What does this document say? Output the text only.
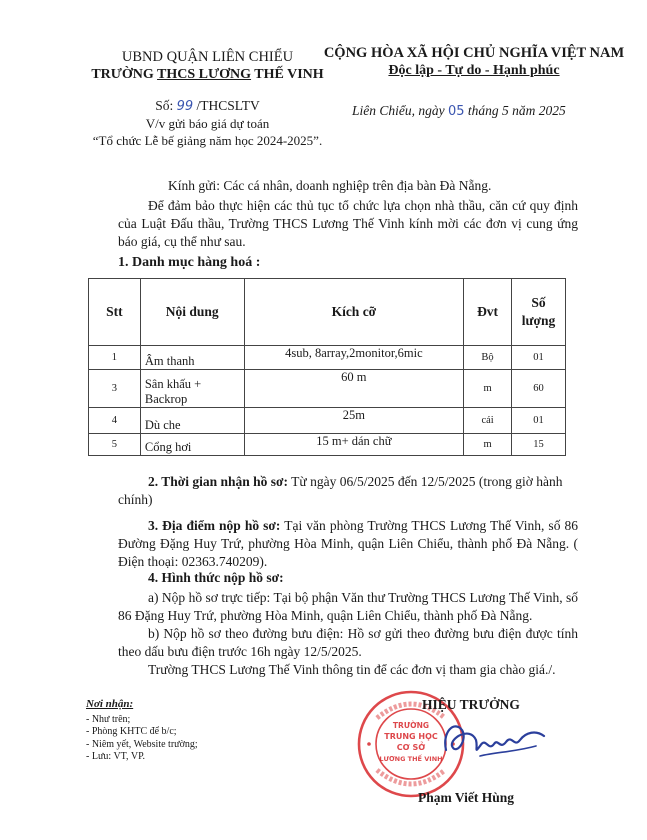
UBND QUẬN LIÊN CHIỂU
TRƯỜNG THCS LƯƠNG THẾ VINH
CỘNG HÒA XÃ HỘI CHỦ NGHĨA VIỆT NAM
Độc lập - Tự do - Hạnh phúc
Số: 99 /THCSLTV
V/v gửi báo giá dự toán
“Tổ chức Lễ bế giảng năm học 2024-2025”.
Liên Chiểu, ngày 05 tháng 5 năm 2025
Kính gửi: Các cá nhân, doanh nghiệp trên địa bàn Đà Nẵng.
Để đảm bảo thực hiện các thủ tục tổ chức lựa chọn nhà thầu, căn cứ quy định của Luật Đấu thầu, Trường THCS Lương Thế Vinh kính mời các đơn vị cung ứng báo giá, cụ thể như sau.
1. Danh mục hàng hoá :
Stt	Nội dung	Kích cỡ	Đvt	Số lượng
1	Âm thanh	4sub, 8array,2monitor,6mic	Bộ	01
3	Sân khấu + Backrop	60 m	m	60
4	Dù che	25m	cái	01
5	Cổng hơi	15 m+ dán chữ	m	15
2. Thời gian nhận hồ sơ: Từ ngày 06/5/2025 đến 12/5/2025 (trong giờ hành chính)
3. Địa điểm nộp hồ sơ: Tại văn phòng Trường THCS Lương Thế Vinh, số 86 Đường Đặng Huy Trứ, phường Hòa Minh, quận Liên Chiểu, thành phố Đà Nẵng. ( Điện thoại: 02363.740209).
4. Hình thức nộp hồ sơ:
a) Nộp hồ sơ trực tiếp: Tại bộ phận Văn thư Trường THCS Lương Thế Vinh, số 86 Đặng Huy Trứ, phường Hòa Minh, quận Liên Chiểu, thành phố Đà Nẵng.
b) Nộp hồ sơ theo đường bưu điện: Hồ sơ gửi theo đường bưu điện được tính theo dấu bưu điện trước 16h ngày 12/5/2025.
Trường THCS Lương Thế Vinh thông tin để các đơn vị tham gia chào giá./.
Nơi nhận:
- Như trên;
- Phòng KHTC để b/c;
- Niêm yết, Website trường;
- Lưu: VT, VP.
TRƯỜNG
TRUNG HỌC
CƠ SỞ
LƯƠNG THẾ VINH
HIỆU TRƯỞNG
Phạm Viết Hùng
